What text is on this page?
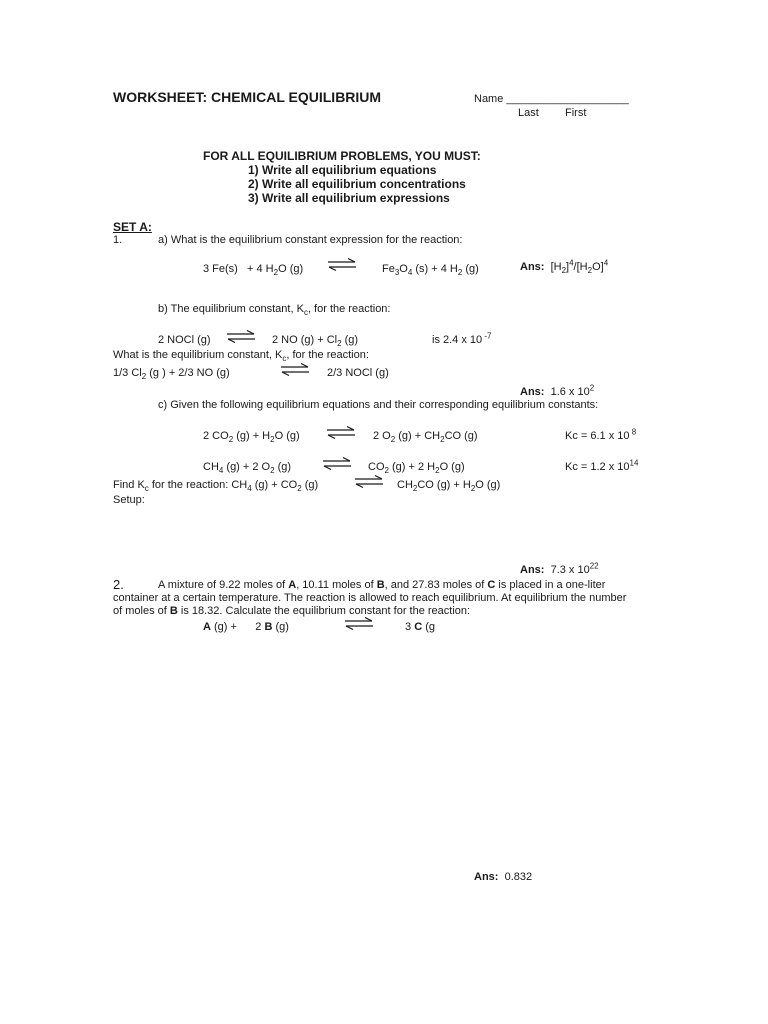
WORKSHEET: CHEMICAL EQUILIBRIUM	Name ____________________
Last First
FOR ALL EQUILIBRIUM PROBLEMS, YOU MUST:
1) Write all equilibrium equations
2) Write all equilibrium concentrations
3) Write all equilibrium expressions
SET A:
1.	a) What is the equilibrium constant expression for the reaction:
3 Fe(s) + 4 $H_2O$ (g)	$Fe_3O_4$ (s) + 4 $H_2$ (g)	Ans: $[H_2]^4/[H_2O]^4$
b) The equilibrium constant, $K_c$, for the reaction:
2 NOCl (g) ⇌ 2 NO $(g) + Cl_2$ (g)	is 2.4 x 10 $^{-7}$
What is the equilibrium constant, $K_c$, for the reaction:
1/3 $Cl_2$ (g ) + 2/3 NO (g)	2/3 NOCl (g)
Ans: 1.6 x $10^2$
c) Given the following equilibrium equations and their corresponding equilibrium constants:
2 $CO_2$ $(g) + H_2O$ (g)	2 $O_2$ $(g) + CH_2CO$ (g)	Kc = 6.1 x 10 $^8$
$CH_4$ (g) + 2 $O_2$ (g)	⇌ $CO_2$ (g) + 2 $H_2O$ (g)	Kc = 1.2 x $10^{14}$
Find $K_c$ for the reaction: $CH_4$ $(g) + CO_2$ (g)	⇌ $CH_2CO$ $(g) + H_2O$ (g)
Setup:
Ans: 7.3 x $10^{22}$
2.	A mixture of 9.22 moles of A, 10.11 moles of B, and 27.83 moles of C is placed in a one-liter
container at a certain temperature. The reaction is allowed to reach equilibrium. At equilibrium the number
of moles of B is 18.32. Calculate the equilibrium constant for the reaction:
A (g) + 2 B (g)	3 C (g
Ans: 0.832
